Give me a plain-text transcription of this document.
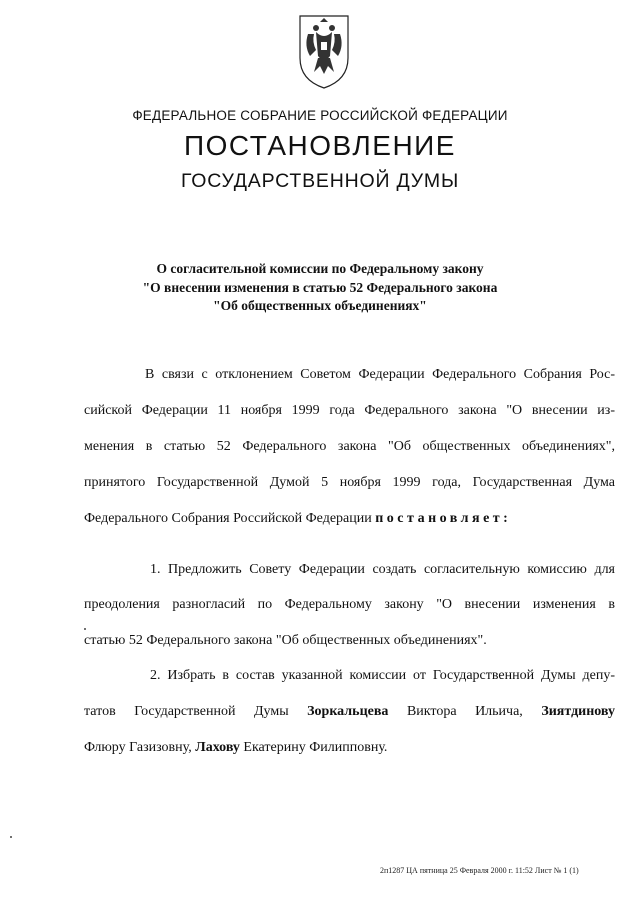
ФЕДЕРАЛЬНОЕ СОБРАНИЕ РОССИЙСКОЙ ФЕДЕРАЦИИ
ПОСТАНОВЛЕНИЕ
ГОСУДАРСТВЕННОЙ ДУМЫ
О согласительной комиссии по Федеральному закону
"О внесении изменения в статью 52 Федерального закона
"Об общественных объединениях"
В связи с отклонением Советом Федерации Федерального Собрания Рос-
сийской Федерации 11 ноября 1999 года Федерального закона "О внесении из-
менения в статью 52 Федерального закона "Об общественных объединениях",
принятого Государственной Думой 5 ноября 1999 года, Государственная Дума
Федерального Собрания Российской Федерации постановляет:
1. Предложить Совету Федерации создать согласительную комиссию для
преодоления разногласий по Федеральному закону "О внесении изменения в
статью 52 Федерального закона "Об общественных объединениях".
2. Избрать в состав указанной комиссии от Государственной Думы депу-
татов Государственной Думы Зоркальцева Виктора Ильича, Зиятдинову
Флюру Газизовну, Лахову Екатерину Филипповну.
2п1287 ЦА пятница 25 Февраля 2000 г. 11:52 Лист № 1 (1)
